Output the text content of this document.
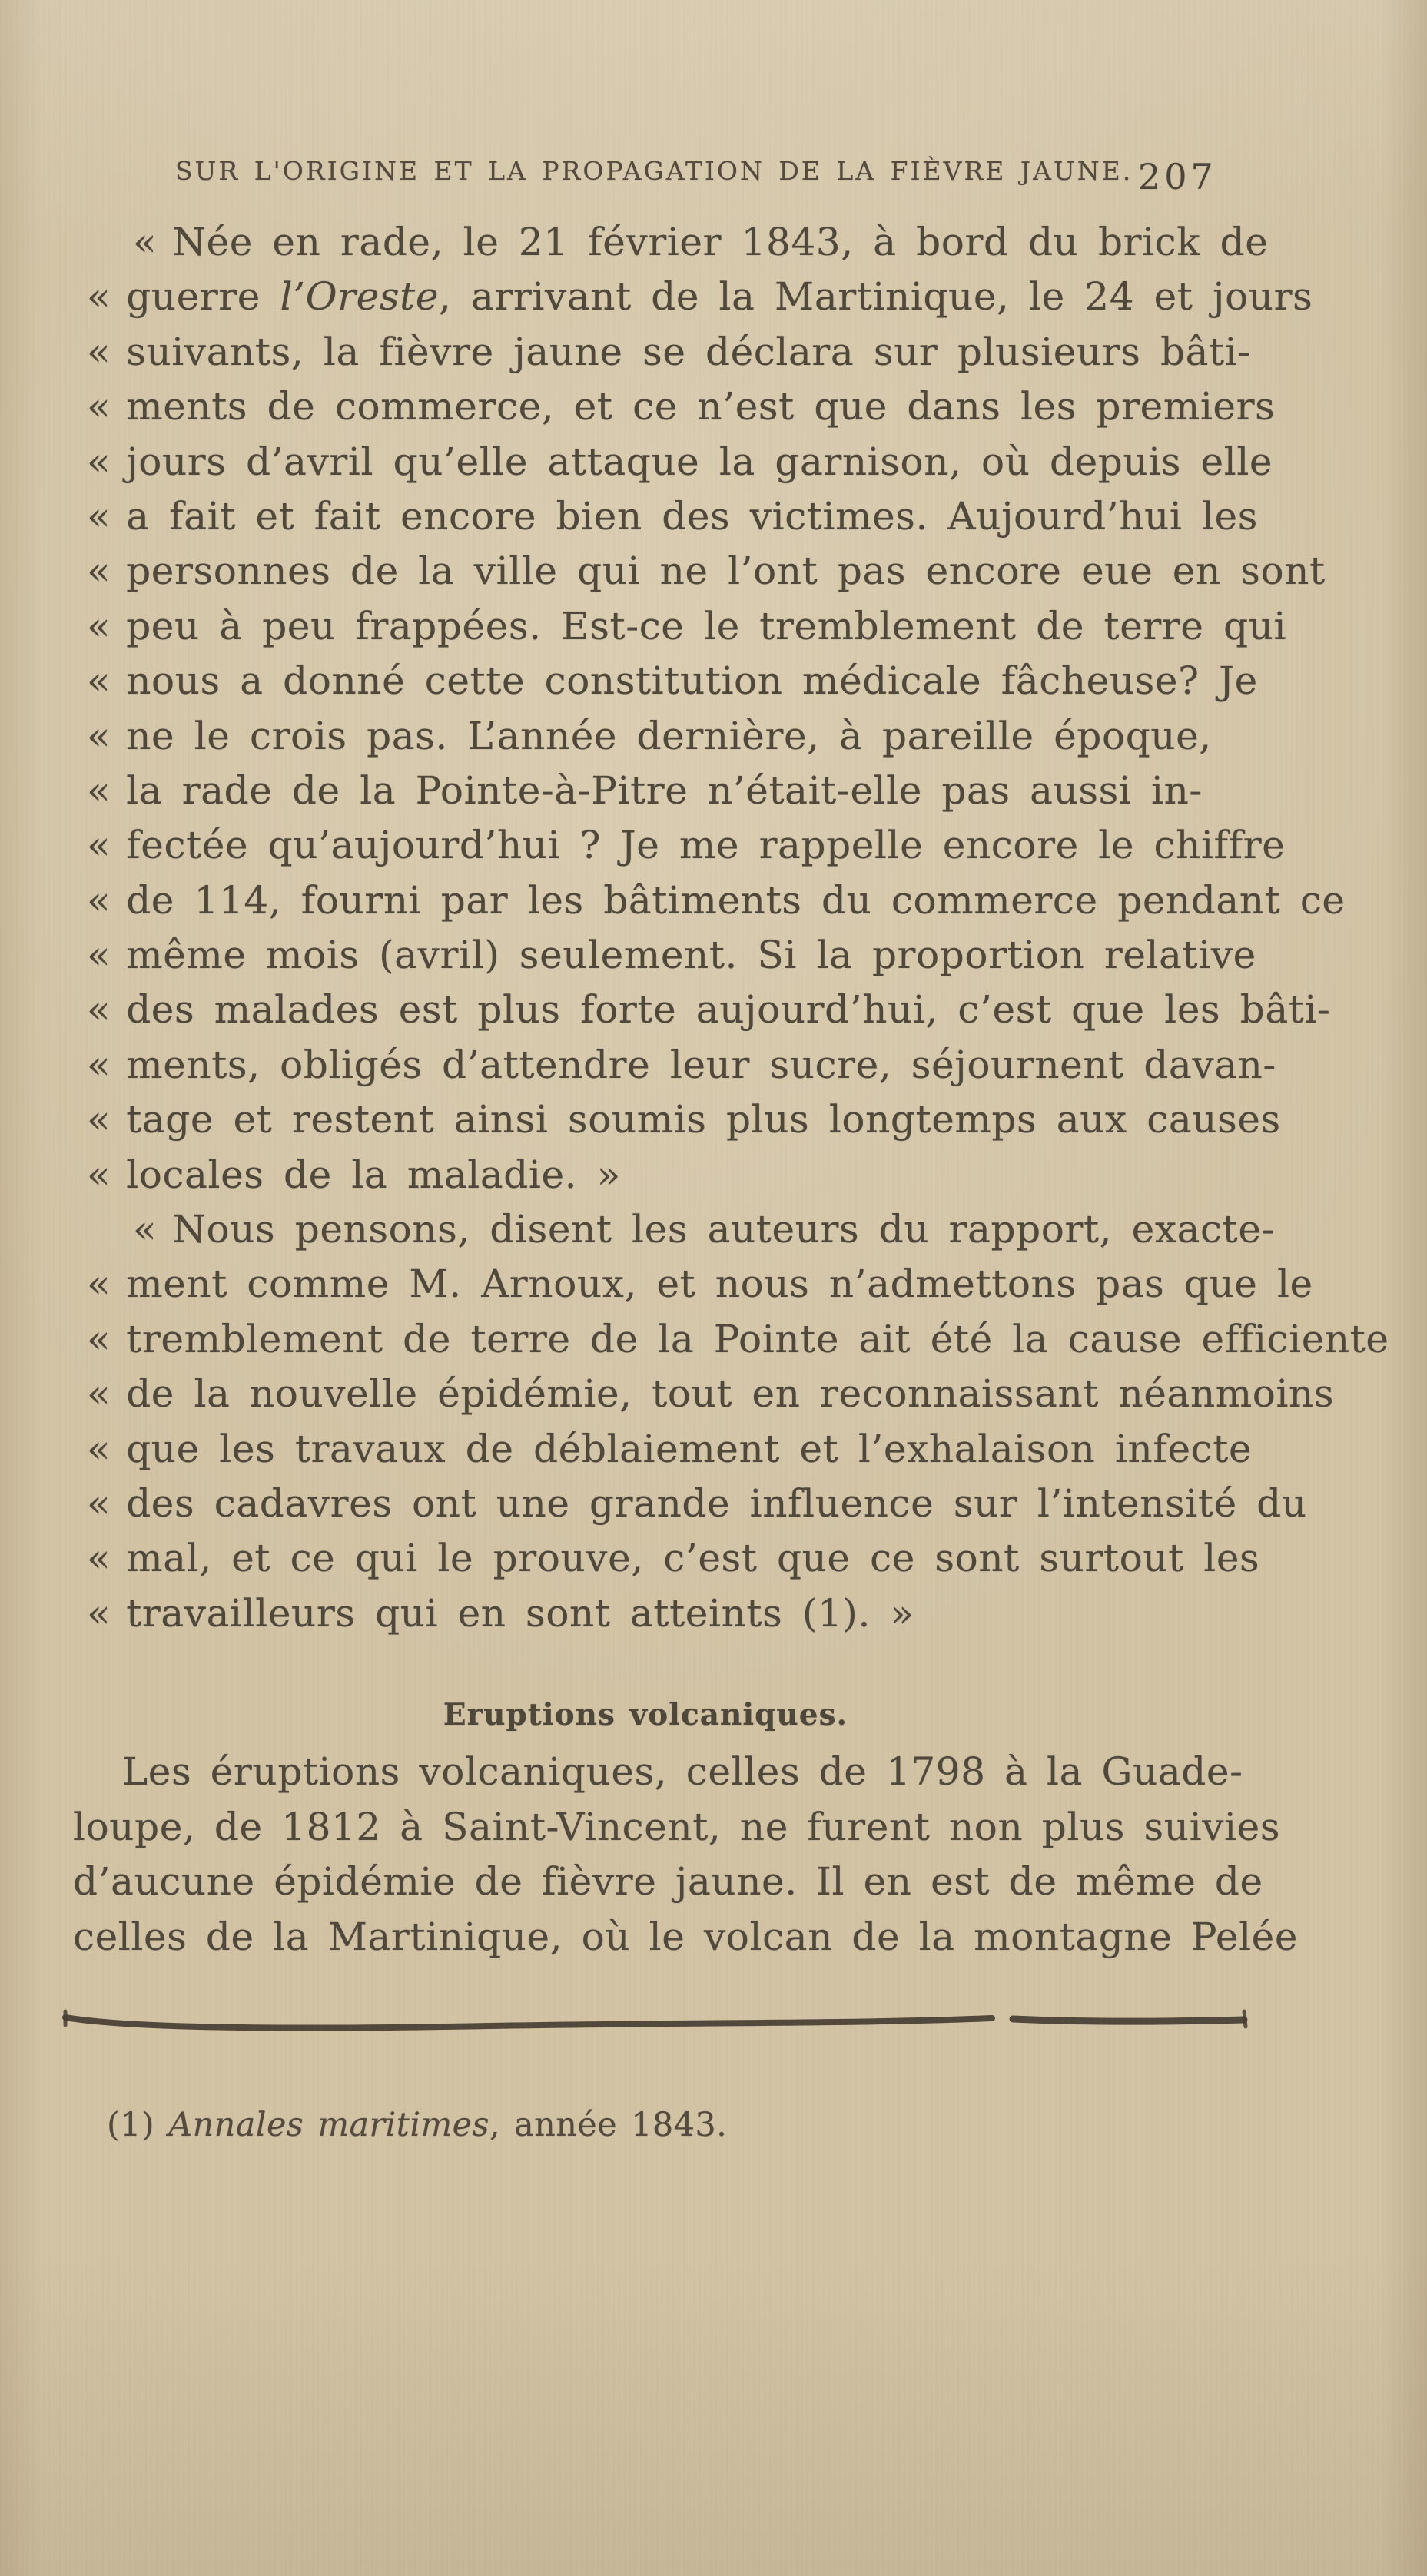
SUR L'ORIGINE ET LA PROPAGATION DE LA FIÈVRE JAUNE. 207
« Née en rade, le 21 février 1843, à bord du brick de
« guerre l’Oreste, arrivant de la Martinique, le 24 et jours
« suivants, la fièvre jaune se déclara sur plusieurs bâti-
« ments de commerce, et ce n’est que dans les premiers
« jours d’avril qu’elle attaque la garnison, où depuis elle
« a fait et fait encore bien des victimes. Aujourd’hui les
« personnes de la ville qui ne l’ont pas encore eue en sont
« peu à peu frappées. Est-ce le tremblement de terre qui
« nous a donné cette constitution médicale fâcheuse? Je
« ne le crois pas. L’année dernière, à pareille époque,
« la rade de la Pointe-à-Pitre n’était-elle pas aussi in-
« fectée qu’aujourd’hui ? Je me rappelle encore le chiffre
« de 114, fourni par les bâtiments du commerce pendant ce
« même mois (avril) seulement. Si la proportion relative
« des malades est plus forte aujourd’hui, c’est que les bâti-
« ments, obligés d’attendre leur sucre, séjournent davan-
« tage et restent ainsi soumis plus longtemps aux causes
« locales de la maladie. »
« Nous pensons, disent les auteurs du rapport, exacte-
« ment comme M. Arnoux, et nous n’admettons pas que le
« tremblement de terre de la Pointe ait été la cause efficiente
« de la nouvelle épidémie, tout en reconnaissant néanmoins
« que les travaux de déblaiement et l’exhalaison infecte
« des cadavres ont une grande influence sur l’intensité du
« mal, et ce qui le prouve, c’est que ce sont surtout les
« travailleurs qui en sont atteints (1). »
Eruptions volcaniques.
Les éruptions volcaniques, celles de 1798 à la Guade-
loupe, de 1812 à Saint-Vincent, ne furent non plus suivies
d’aucune épidémie de fièvre jaune. Il en est de même de
celles de la Martinique, où le volcan de la montagne Pelée
(1) Annales maritimes, année 1843.
